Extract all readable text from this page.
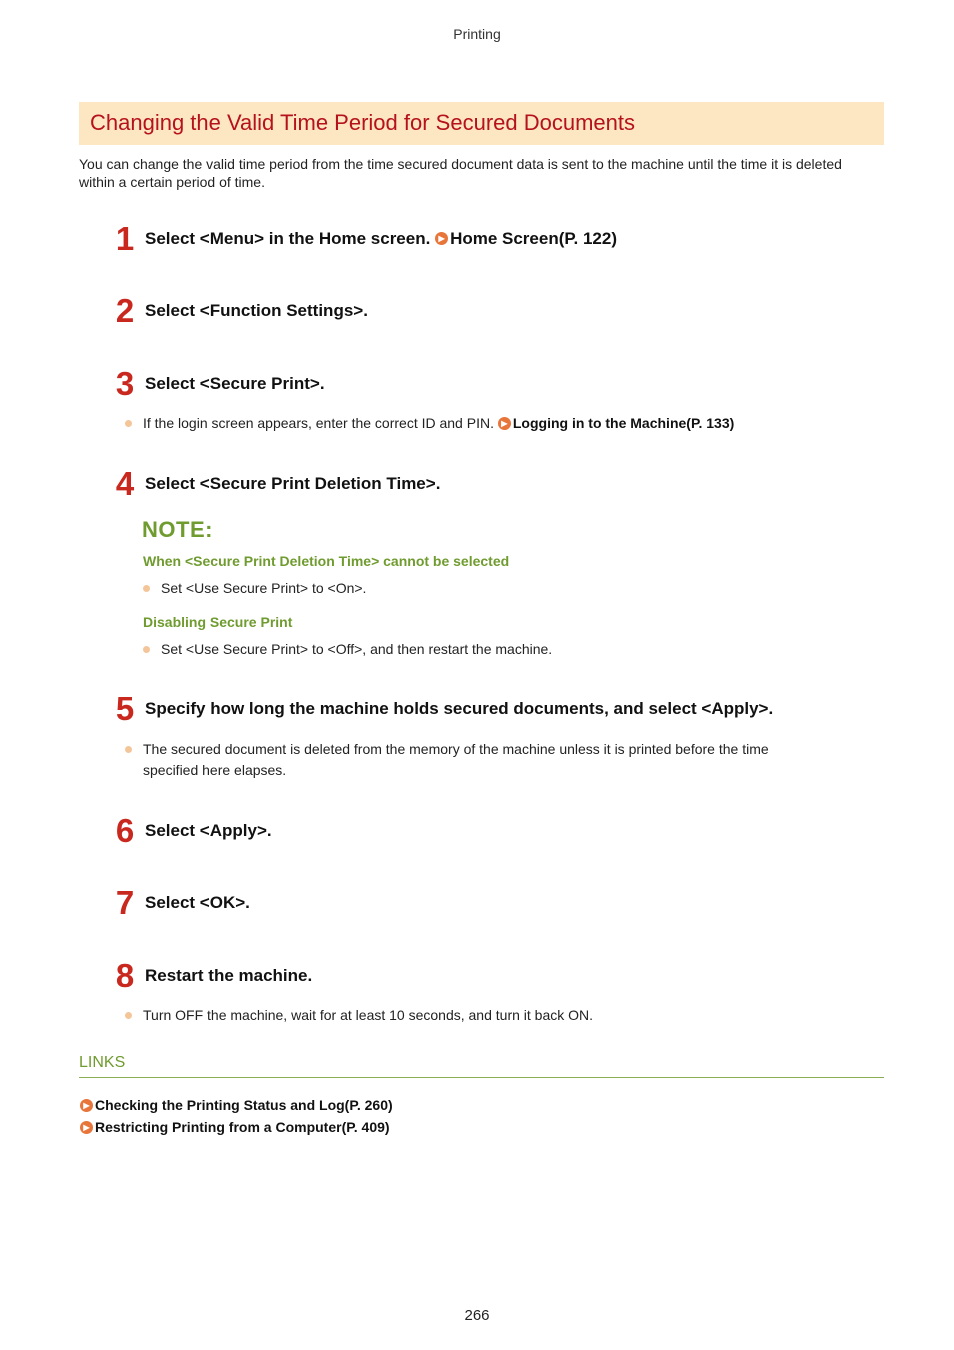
Printing
Changing the Valid Time Period for Secured Documents
You can change the valid time period from the time secured document data is sent to the machine until the time it is deleted within a certain period of time.
1 Select <Menu> in the Home screen. ▶ Home Screen(P. 122)
2 Select <Function Settings>.
3 Select <Secure Print>.
If the login screen appears, enter the correct ID and PIN. ▶ Logging in to the Machine(P. 133)
4 Select <Secure Print Deletion Time>.
NOTE:
When <Secure Print Deletion Time> cannot be selected
Set <Use Secure Print> to <On>.
Disabling Secure Print
Set <Use Secure Print> to <Off>, and then restart the machine.
5 Specify how long the machine holds secured documents, and select <Apply>.
The secured document is deleted from the memory of the machine unless it is printed before the time
specified here elapses.
6 Select <Apply>.
7 Select <OK>.
8 Restart the machine.
Turn OFF the machine, wait for at least 10 seconds, and turn it back ON.
LINKS
▶ Checking the Printing Status and Log(P. 260)
▶ Restricting Printing from a Computer(P. 409)
266
